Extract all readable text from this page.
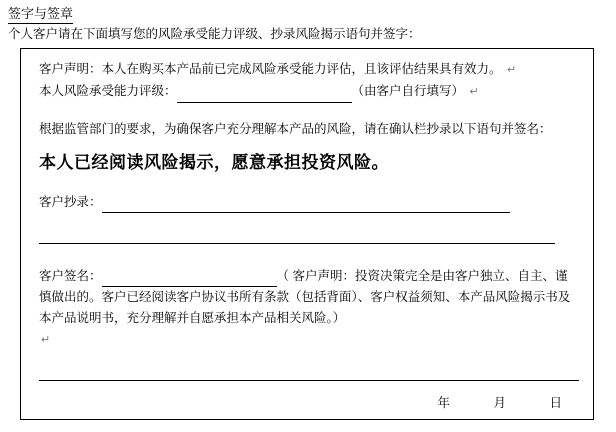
签字与签章
个人客户请在下面填写您的风险承受能力评级、抄录风险揭示语句并签字：
客户声明：本人在购买本产品前已完成风险承受能力评估，且该评估结果具有效力。 ↵
本人风险承受能力评级：	（由客户自行填写） ↵
根据监管部门的要求，为确保客户充分理解本产品的风险，请在确认栏抄录以下语句并签名：
本人已经阅读风险揭示，愿意承担投资风险。
客户抄录：
客户签名：	（ 客户声明：投资决策完全是由客户独立、自主、谨慎做出的。客户已经阅读客户协议书所有条款（包括背面）、客户权益须知、本产品风险揭示书及本产品说明书，充分理解并自愿承担本产品相关风险。）
↵
年	月	日
